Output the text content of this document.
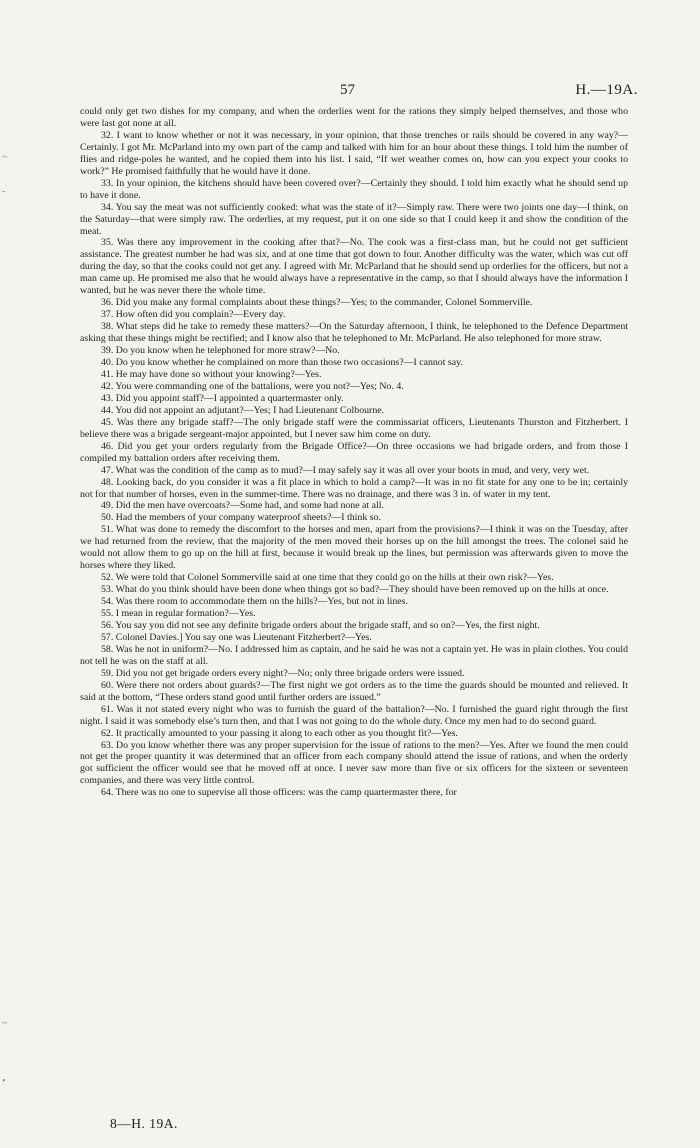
57	H.—19A.
~
-
~
•

could only get two dishes for my company, and when the orderlies went for the rations they simply helped themselves, and those who were last got none at all.

32. I want to know whether or not it was necessary, in your opinion, that those trenches or rails should be covered in any way?—Certainly. I got Mr. McParland into my own part of the camp and talked with him for an hour about these things. I told him the number of flies and ridge-poles he wanted, and he copied them into his list. I said, “If wet weather comes on, how can you expect your cooks to work?” He promised faithfully that he would have it done.

33. In your opinion, the kitchens should have been covered over?—Certainly they should. I told him exactly what he should send up to have it done.

34. You say the meat was not sufficiently cooked: what was the state of it?—Simply raw. There were two joints one day—I think, on the Saturday—that were simply raw. The orderlies, at my request, put it on one side so that I could keep it and show the condition of the meat.

35. Was there any improvement in the cooking after that?—No. The cook was a first-class man, but he could not get sufficient assistance. The greatest number he had was six, and at one time that got down to four. Another difficulty was the water, which was cut off during the day, so that the cooks could not get any. I agreed with Mr. McParland that he should send up orderlies for the officers, but not a man came up. He promised me also that he would always have a representative in the camp, so that I should always have the information I wanted, but he was never there the whole time.

36. Did you make any formal complaints about these things?—Yes; to the commander, Colonel Sommerville.

37. How often did you complain?—Every day.

38. What steps did he take to remedy these matters?—On the Saturday afternoon, I think, he telephoned to the Defence Department asking that these things might be rectified; and I know also that he telephoned to Mr. McParland. He also telephoned for more straw.

39. Do you know when he telephoned for more straw?—No.

40. Do you know whether he complained on more than those two occasions?—I cannot say.

41. He may have done so without your knowing?—Yes.

42. You were commanding one of the battalions, were you not?—Yes; No. 4.

43. Did you appoint staff?—I appointed a quartermaster only.

44. You did not appoint an adjutant?—Yes; I had Lieutenant Colbourne.

45. Was there any brigade staff?—The only brigade staff were the commissariat officers, Lieutenants Thurston and Fitzherbert. I believe there was a brigade sergeant-major appointed, but I never saw him come on duty.

46. Did you get your orders regularly from the Brigade Office?—On three occasions we had brigade orders, and from those I compiled my battalion orders after receiving them.

47. What was the condition of the camp as to mud?—I may safely say it was all over your boots in mud, and very, very wet.

48. Looking back, do you consider it was a fit place in which to hold a camp?—It was in no fit state for any one to be in; certainly not for that number of horses, even in the summer-time. There was no drainage, and there was 3 in. of water in my tent.

49. Did the men have overcoats?—Some had, and some had none at all.

50. Had the members of your company waterproof sheets?—I think so.

51. What was done to remedy the discomfort to the horses and men, apart from the provisions?—I think it was on the Tuesday, after we had returned from the review, that the majority of the men moved their horses up on the hill amongst the trees. The colonel said he would not allow them to go up on the hill at first, because it would break up the lines, but permission was afterwards given to move the horses where they liked.

52. We were told that Colonel Sommerville said at one time that they could go on the hills at their own risk?—Yes.

53. What do you think should have been done when things got so bad?—They should have been removed up on the hills at once.

54. Was there room to accommodate them on the hills?—Yes, but not in lines.

55. I mean in regular formation?—Yes.

56. You say you did not see any definite brigade orders about the brigade staff, and so on?—Yes, the first night.

57. Colonel Davies.] You say one was Lieutenant Fitzherbert?—Yes.

58. Was he not in uniform?—No. I addressed him as captain, and he said he was not a captain yet. He was in plain clothes. You could not tell he was on the staff at all.

59. Did you not get brigade orders every night?—No; only three brigade orders were issued.

60. Were there not orders about guards?—The first night we got orders as to the time the guards should be mounted and relieved. It said at the bottom, “These orders stand good until further orders are issued.”

61. Was it not stated every night who was to furnish the guard of the battalion?—No. I furnished the guard right through the first night. I said it was somebody else’s turn then, and that I was not going to do the whole duty. Once my men had to do second guard.

62. It practically amounted to your passing it along to each other as you thought fit?—Yes.

63. Do you know whether there was any proper supervision for the issue of rations to the men?—Yes. After we found the men could not get the proper quantity it was determined that an officer from each company should attend the issue of rations, and when the orderly got sufficient the officer would see that he moved off at once. I never saw more than five or six officers for the sixteen or seventeen companies, and there was very little control.

64. There was no one to supervise all those officers: was the camp quartermaster there, for

8—H. 19A.
